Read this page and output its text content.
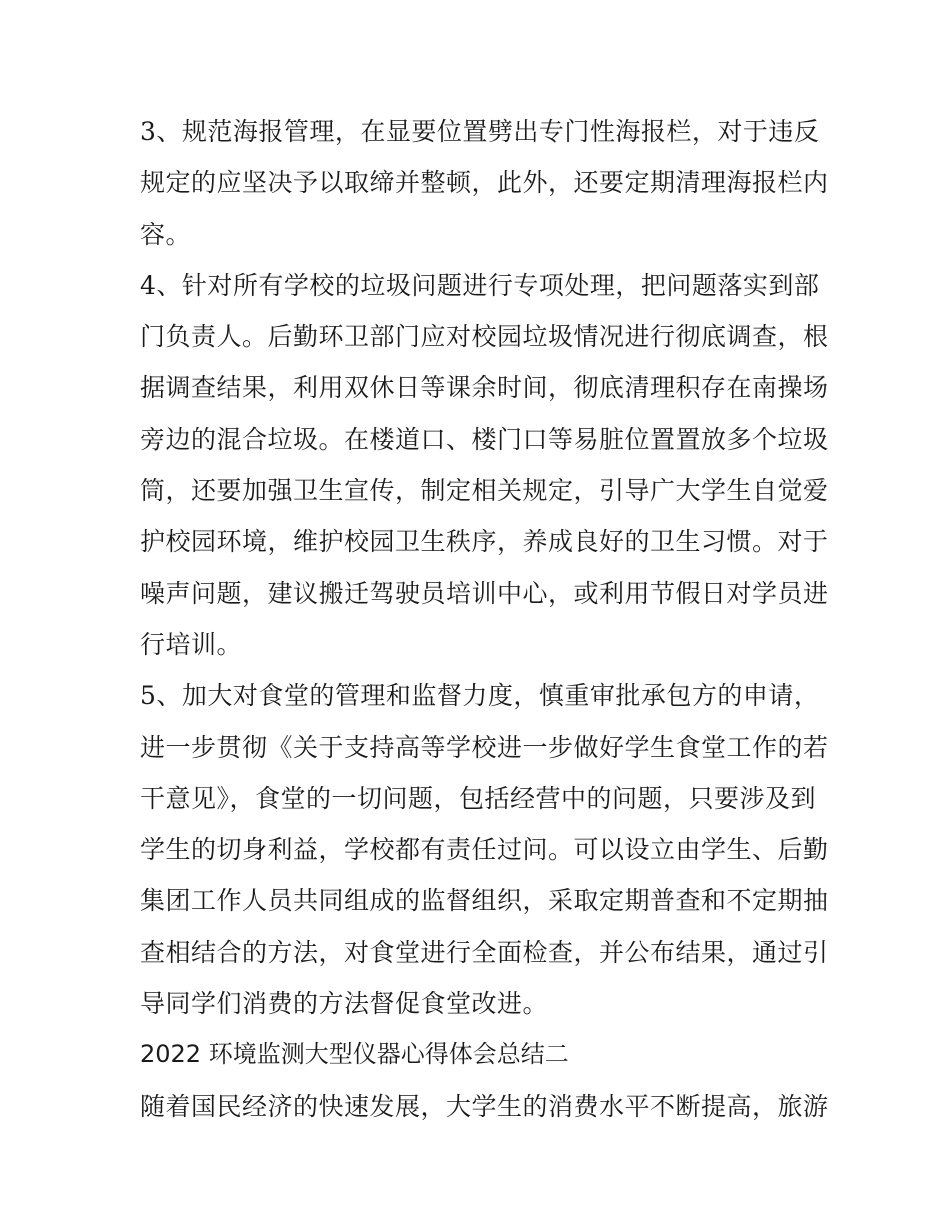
3、规范海报管理，在显要位置劈出专门性海报栏，对于违反
规定的应坚决予以取缔并整顿，此外，还要定期清理海报栏内
容。
4、针对所有学校的垃圾问题进行专项处理，把问题落实到部
门负责人。后勤环卫部门应对校园垃圾情况进行彻底调查，根
据调查结果，利用双休日等课余时间，彻底清理积存在南操场
旁边的混合垃圾。在楼道口、楼门口等易脏位置置放多个垃圾
筒，还要加强卫生宣传，制定相关规定，引导广大学生自觉爱
护校园环境，维护校园卫生秩序，养成良好的卫生习惯。对于
噪声问题，建议搬迁驾驶员培训中心，或利用节假日对学员进
行培训。
5、加大对食堂的管理和监督力度，慎重审批承包方的申请，
进一步贯彻《关于支持高等学校进一步做好学生食堂工作的若
干意见》，食堂的一切问题，包括经营中的问题，只要涉及到
学生的切身利益，学校都有责任过问。可以设立由学生、后勤
集团工作人员共同组成的监督组织，采取定期普查和不定期抽
查相结合的方法，对食堂进行全面检查，并公布结果，通过引
导同学们消费的方法督促食堂改进。
2022 环境监测大型仪器心得体会总结二
随着国民经济的快速发展，大学生的消费水平不断提高，旅游
